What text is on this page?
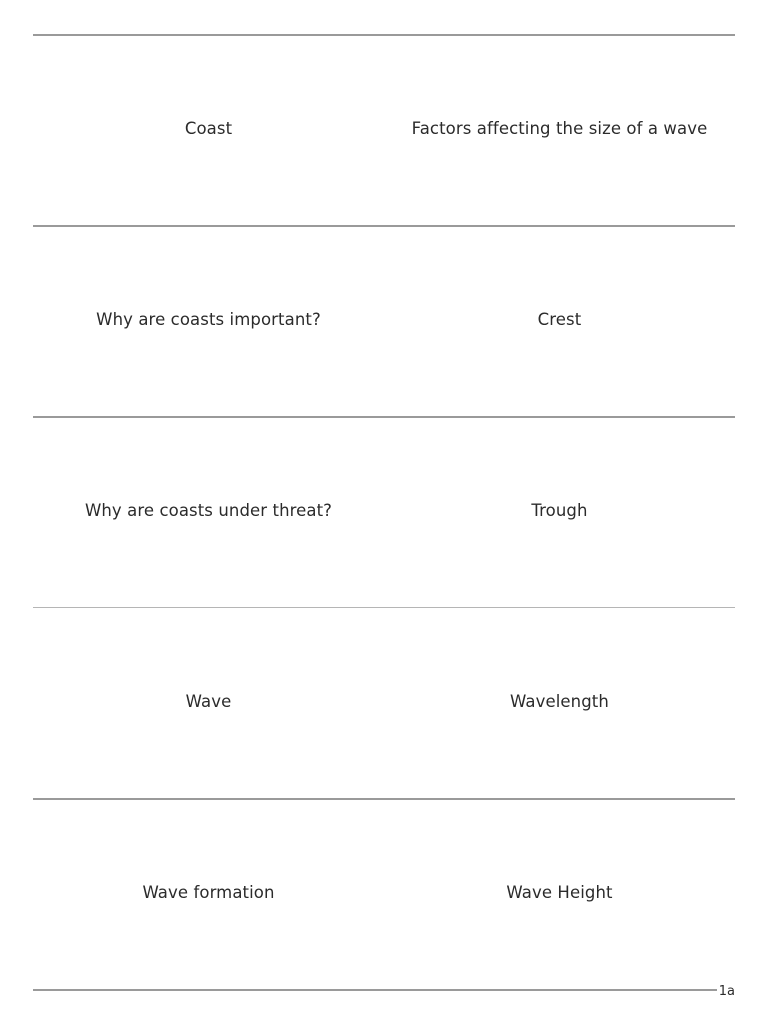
Coast	Factors affecting the size of a wave
Why are coasts important?	Crest
Why are coasts under threat?	Trough
Wave	Wavelength
Wave formation	Wave Height
1a
